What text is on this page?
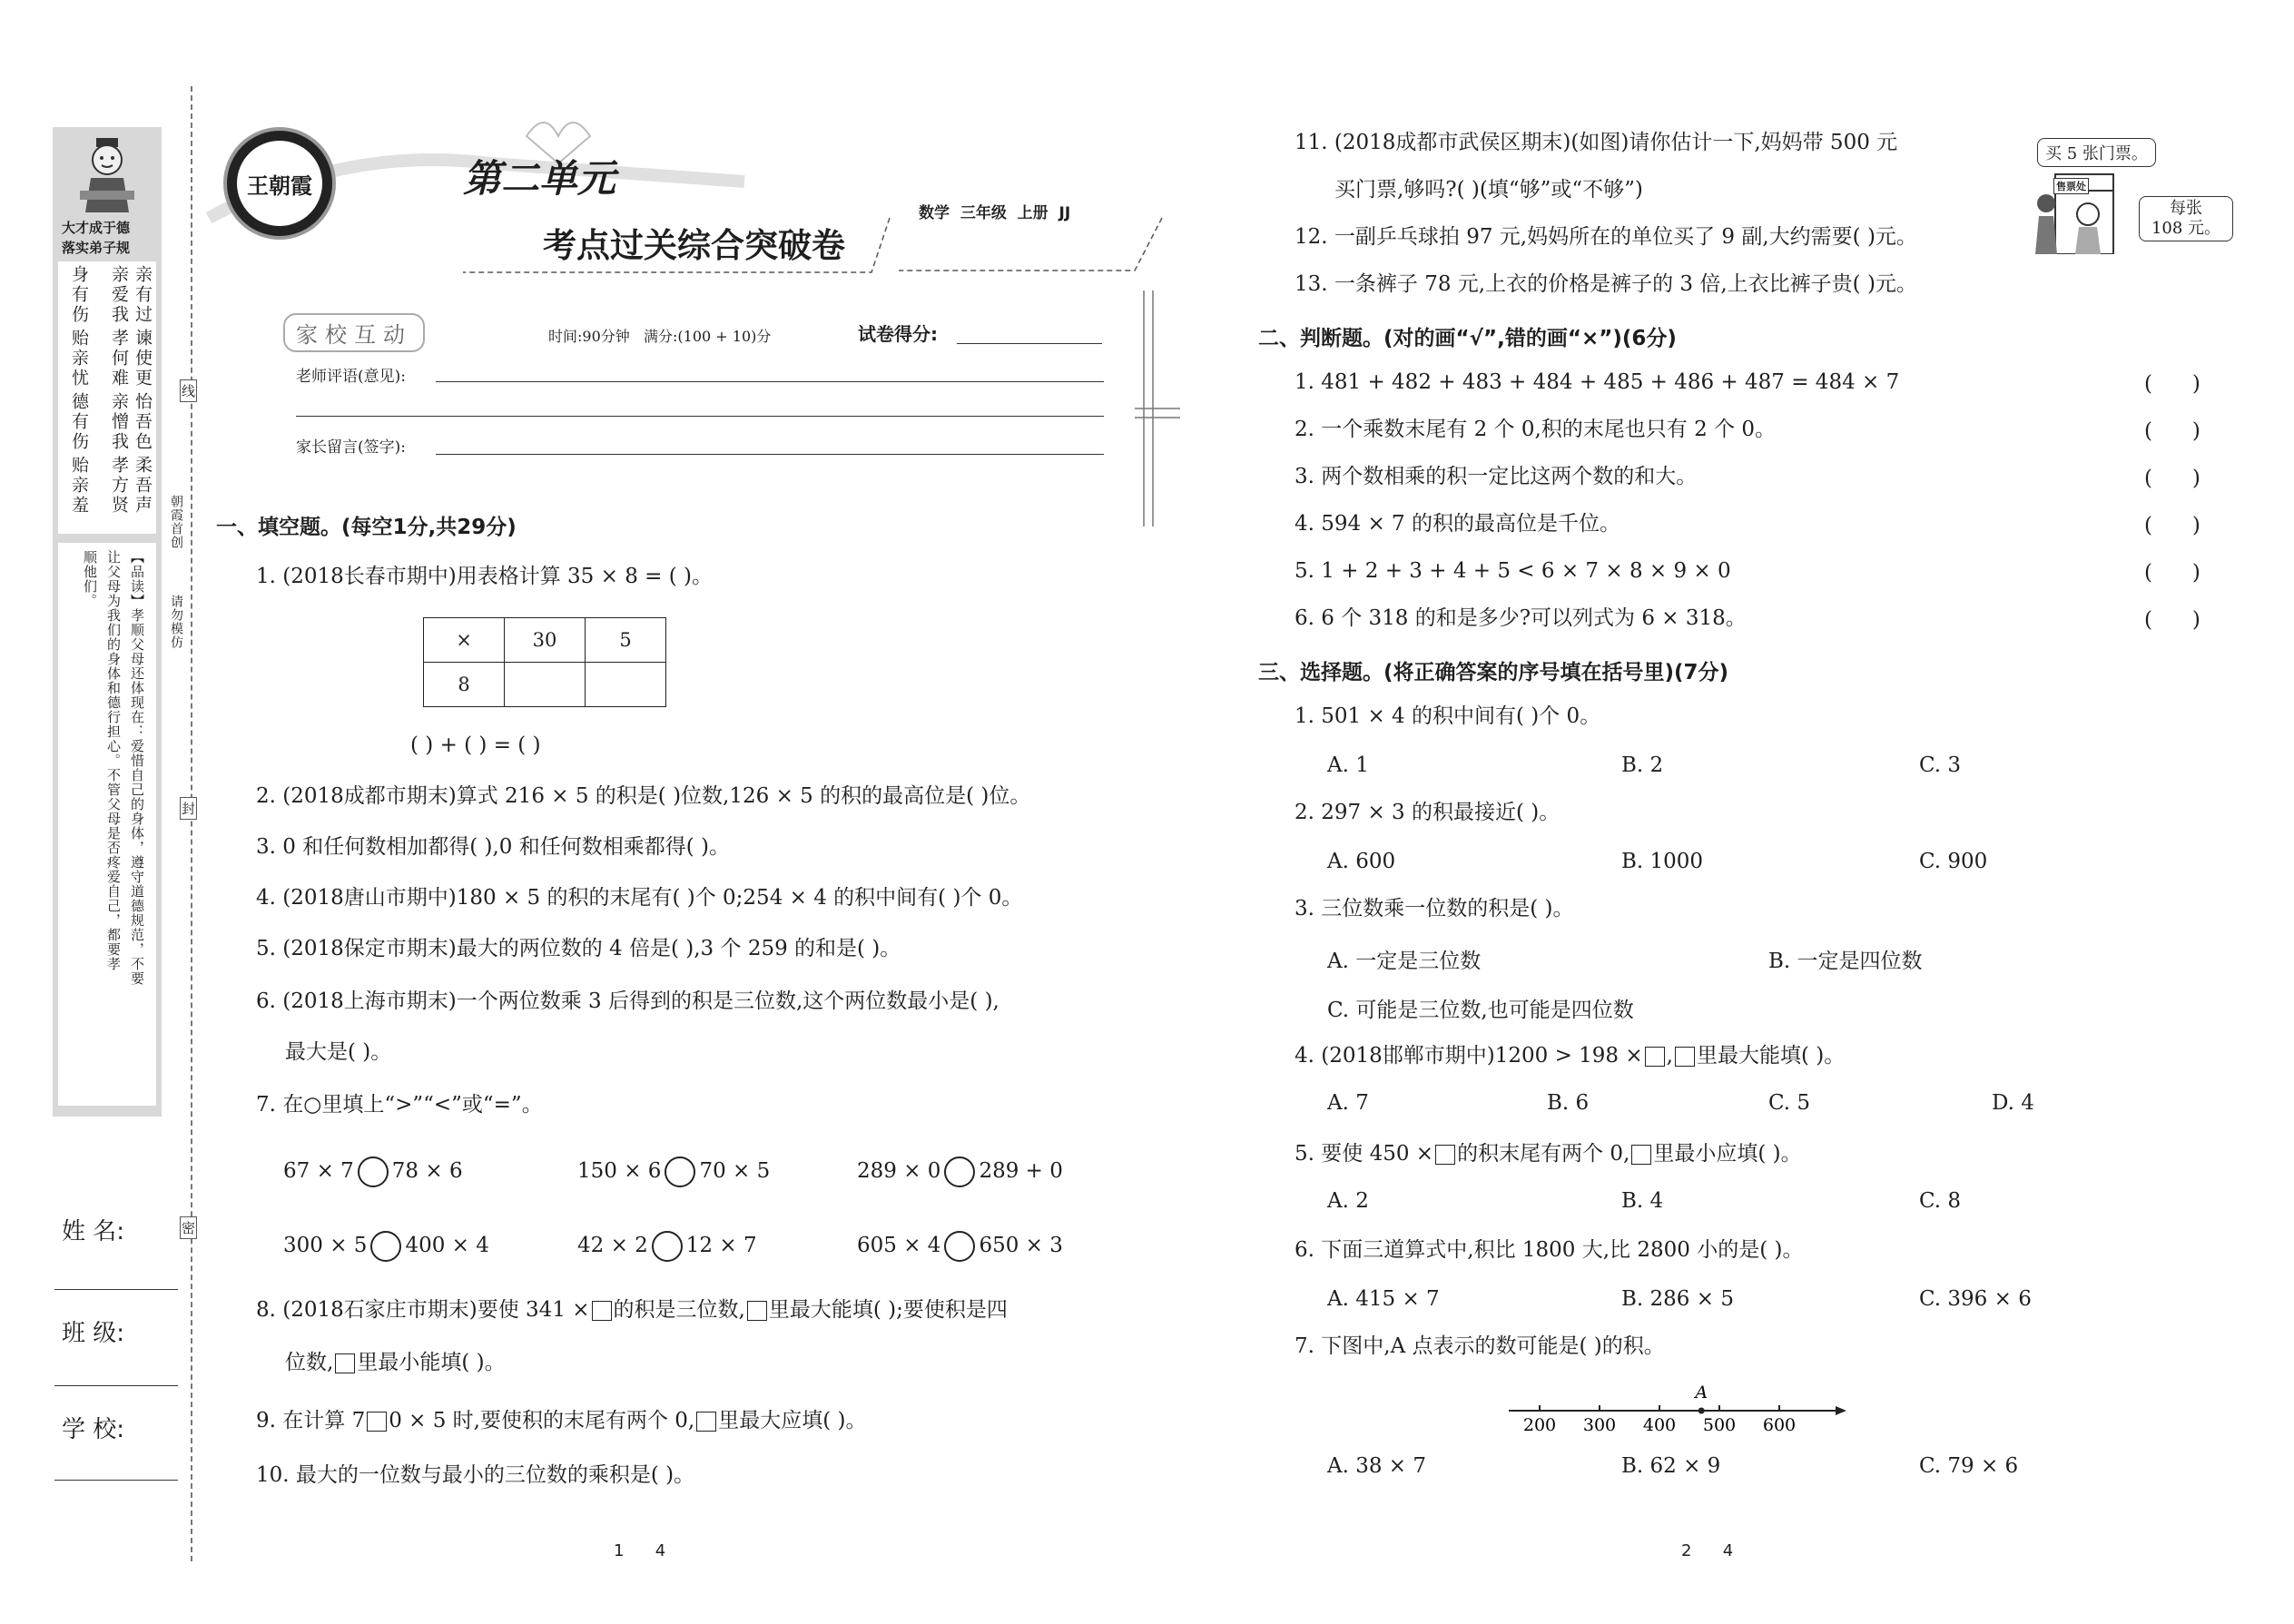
大才成于德
落实弟子规
亲有过
谏使更
怡吾色
柔吾声
亲爱我
孝何难
亲憎我
孝方贤
身有伤
贻亲忧
德有伤
贻亲羞
【品读】孝顺父母还体现在：爱惜自己的身体，遵守道德规范，不要
让父母为我们的身体和德行担心。不管父母是否疼爱自己，都要孝
顺他们。
姓 名:
班 级:
学 校:
线
封
密
朝霞首创
请勿模仿
王朝霞	第二单元
考点过关综合突破卷
数学  三年级  上册  JJ
家校互动	时间:90分钟   满分:(100 + 10)分	试卷得分:
老师评语(意见):
家长留言(签字):
一、填空题。(每空1分,共29分)
1. (2018长春市期中)用表格计算 35 × 8 = ( )。
×	30	5
8		
( ) + ( ) = ( )
2. (2018成都市期末)算式 216 × 5 的积是( )位数,126 × 5 的积的最高位是( )位。
3. 0 和任何数相加都得( ),0 和任何数相乘都得( )。
4. (2018唐山市期中)180 × 5 的积的末尾有( )个 0;254 × 4 的积中间有( )个 0。
5. (2018保定市期末)最大的两位数的 4 倍是( ),3 个 259 的和是( )。
6. (2018上海市期末)一个两位数乘 3 后得到的积是三位数,这个两位数最小是( ),
最大是( )。
7. 在○里填上“>”“<”或“=”。
67 × 7 78 × 6	150 × 6 70 × 5	289 × 0 289 + 0
300 × 5 400 × 4	42 × 2 12 × 7	605 × 4 650 × 3
8. (2018石家庄市期末)要使 341 × 的积是三位数, 里最大能填( );要使积是四
位数, 里最小能填( )。
9. 在计算 7 0 × 5 时,要使积的末尾有两个 0, 里最大应填( )。
10. 最大的一位数与最小的三位数的乘积是( )。
1      4
11. (2018成都市武侯区期末)(如图)请你估计一下,妈妈带 500 元
买门票,够吗?( )(填“够”或“不够”)	售票处
买 5 张门票。
每张
108 元。
12. 一副乒乓球拍 97 元,妈妈所在的单位买了 9 副,大约需要( )元。
13. 一条裤子 78 元,上衣的价格是裤子的 3 倍,上衣比裤子贵( )元。
二、判断题。(对的画“√”,错的画“×”)(6分)
1. 481 + 482 + 483 + 484 + 485 + 486 + 487 = 484 × 7	(      )
2. 一个乘数末尾有 2 个 0,积的末尾也只有 2 个 0。	(      )
3. 两个数相乘的积一定比这两个数的和大。	(      )
4. 594 × 7 的积的最高位是千位。	(      )
5. 1 + 2 + 3 + 4 + 5 < 6 × 7 × 8 × 9 × 0	(      )
6. 6 个 318 的和是多少?可以列式为 6 × 318。	(      )
三、选择题。(将正确答案的序号填在括号里)(7分)
1. 501 × 4 的积中间有( )个 0。
A. 1	B. 2	C. 3
2. 297 × 3 的积最接近( )。
A. 600	B. 1000	C. 900
3. 三位数乘一位数的积是( )。
A. 一定是三位数	B. 一定是四位数
C. 可能是三位数,也可能是四位数
4. (2018邯郸市期中)1200 > 198 × , 里最大能填( )。
A. 7	B. 6	C. 5	D. 4
5. 要使 450 × 的积末尾有两个 0, 里最小应填( )。
A. 2	B. 4	C. 8
6. 下面三道算式中,积比 1800 大,比 2800 小的是( )。
A. 415 × 7	B. 286 × 5	C. 396 × 6
7. 下图中,A 点表示的数可能是( )的积。
200 300 400 500 600
A
A. 38 × 7	B. 62 × 9	C. 79 × 6
2      4
